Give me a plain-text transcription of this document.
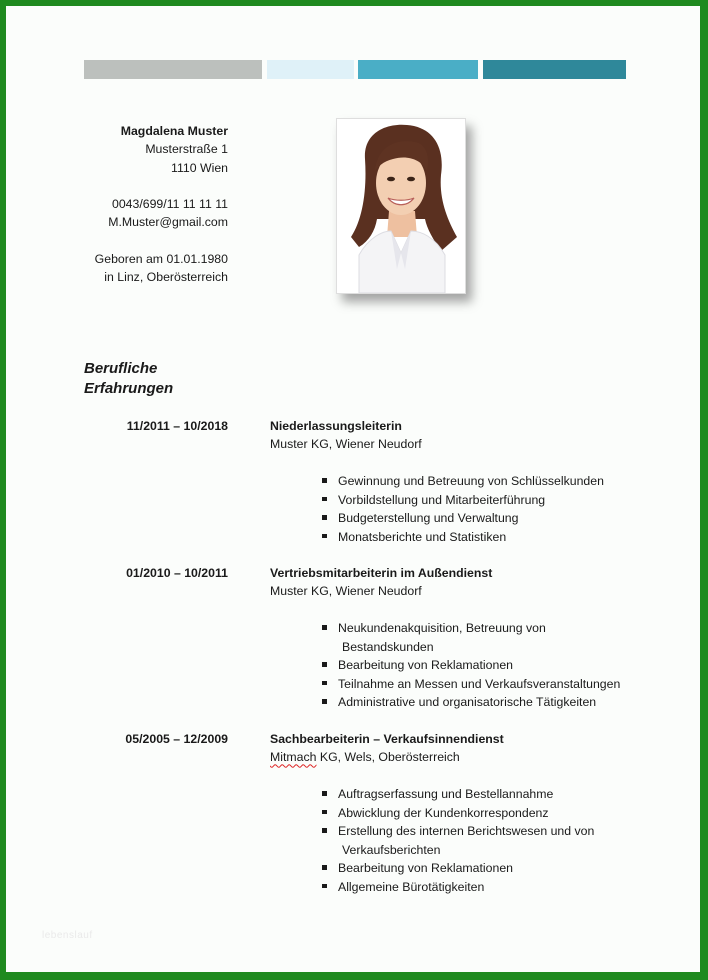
Magdalena Muster
Musterstraße 1
1110 Wien
0043/699/11 11 11 11
M.Muster@gmail.com
Geboren am 01.01.1980
in Linz, Oberösterreich
Berufliche
Erfahrungen
11/2011 – 10/2018	Niederlassungsleiterin
Muster KG, Wiener Neudorf
Gewinnung und Betreuung von Schlüsselkunden
Vorbildstellung und Mitarbeiterführung
Budgeterstellung und Verwaltung
Monatsberichte und Statistiken
01/2010 – 10/2011	Vertriebsmitarbeiterin im Außendienst
Muster KG, Wiener Neudorf
Neukundenakquisition, Betreuung von
Bestandskunden
Bearbeitung von Reklamationen
Teilnahme an Messen und Verkaufsveranstaltungen
Administrative und organisatorische Tätigkeiten
05/2005 – 12/2009	Sachbearbeiterin – Verkaufsinnendienst
Mitmach KG, Wels, Oberösterreich
Auftragserfassung und Bestellannahme
Abwicklung der Kundenkorrespondenz
Erstellung des internen Berichtswesen und von
Verkaufsberichten
Bearbeitung von Reklamationen
Allgemeine Bürotätigkeiten
lebenslauf
